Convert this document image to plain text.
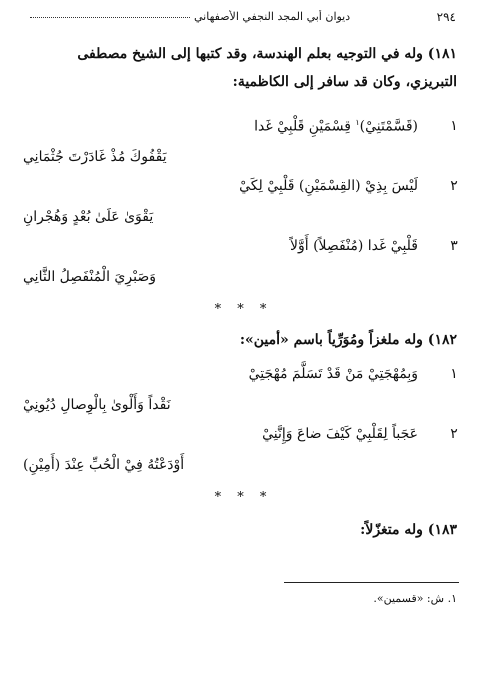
٢٩٤
ديوان أبي المجد النجفي الأصفهاني
١٨١) وله في التوجيه بعلم الهندسة، وقد كتبها إلى الشيخ مصطفى
التبريزي، وكان قد سافر إلى الكاظمية:
١
(قَسَّمْتَنِيْ)$^١$ قِسْمَيْنِ قَلْبِيْ غَدا
يَقْفُوكَ مُذْ غَادَرْتَ جُثْمَانِي
٢
لَيْسَ بِذِيْ (القِسْمَيْنِ) قَلْبِيْ لِكَيْ
يَقْوَىٰ عَلَىٰ بُعْدٍ وَهُجْرانِ
٣
قَلْبِيْ غَدا (مُنْفَصِلاً) أَوَّلاً
وَصَبْرِيَ الْمُنْفَصِلُ الثَّانِي
* * *
١٨٢) وله ملغزاً ومُوَرِّياً باسم «أمين»:
١
وَبِمُهْجَتِيْ مَنْ قَدْ تَسَلَّمَ مُهْجَتِيْ
نَقْداً وَأَلْوىٰ بِالْوِصالِ دُيُونِيْ
٢
عَجَباً لِقَلْبِيْ كَيْفَ ضاعَ وَإِنَّنِيْ
أَوْدَعْتُهُ فِيْ الْحُبِّ عِنْدَ (أَمِيْنِ)
* * *
١٨٣) وله متغزّلاً:
١. ش: «قسمين».
